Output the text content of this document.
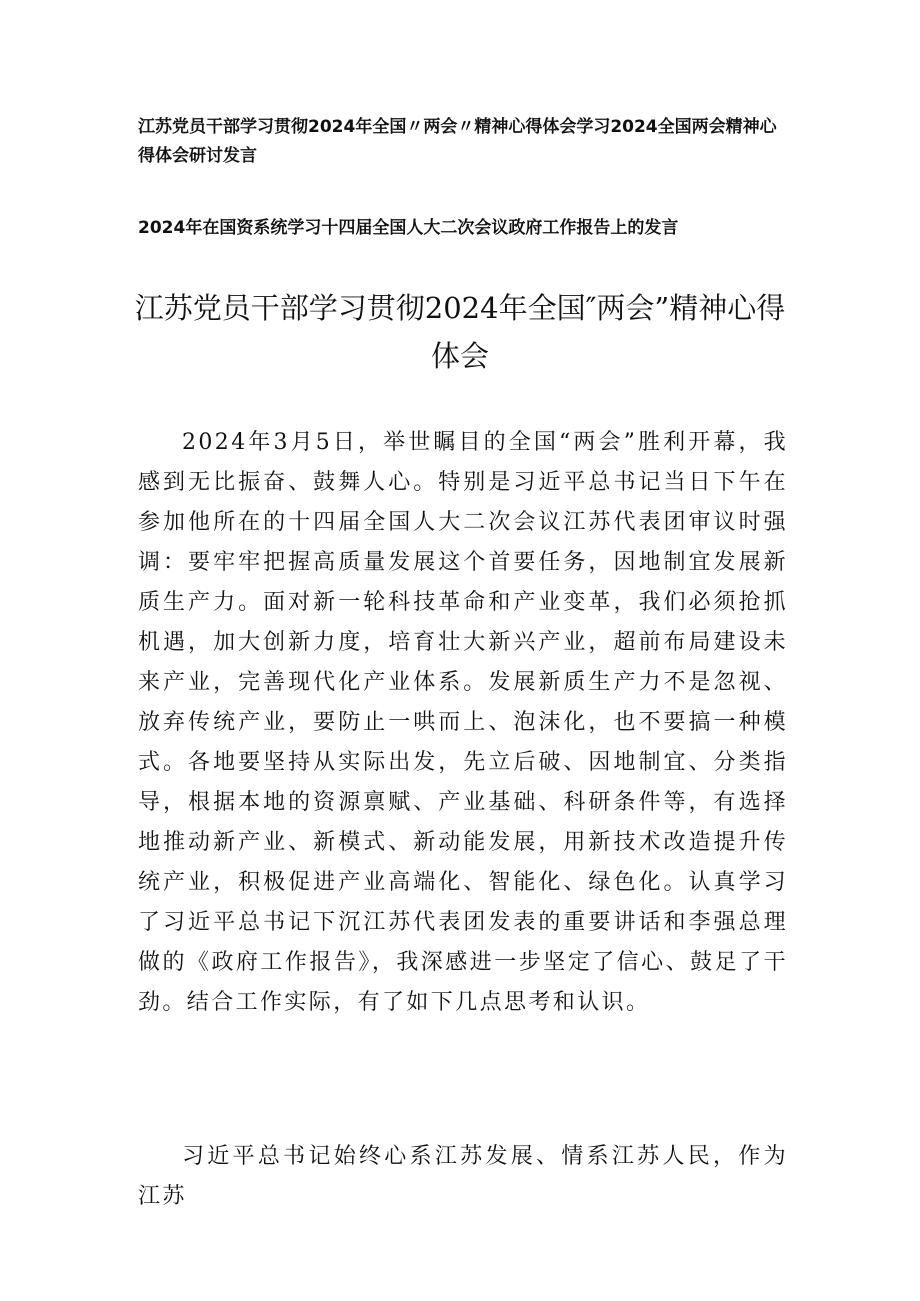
江苏党员干部学习贯彻2024年全国〃两会〃精神心得体会学习2024全国两会精神心得体会研讨发言
2024年在国资系统学习十四届全国人大二次会议政府工作报告上的发言
江苏党员干部学习贯彻2024年全国″两会”精神心得体会
2024年3月5日，举世瞩目的全国“两会”胜利开幕，我感到无比振奋、鼓舞人心。特别是习近平总书记当日下午在参加他所在的十四届全国人大二次会议江苏代表团审议时强调：要牢牢把握高质量发展这个首要任务，因地制宜发展新质生产力。面对新一轮科技革命和产业变革，我们必须抢抓机遇，加大创新力度，培育壮大新兴产业，超前布局建设未来产业，完善现代化产业体系。发展新质生产力不是忽视、放弃传统产业，要防止一哄而上、泡沫化，也不要搞一种模式。各地要坚持从实际出发，先立后破、因地制宜、分类指导，根据本地的资源禀赋、产业基础、科研条件等，有选择地推动新产业、新模式、新动能发展，用新技术改造提升传统产业，积极促进产业高端化、智能化、绿色化。认真学习了习近平总书记下沉江苏代表团发表的重要讲话和李强总理做的《政府工作报告》，我深感进一步坚定了信心、鼓足了干劲。结合工作实际，有了如下几点思考和认识。
习近平总书记始终心系江苏发展、情系江苏人民，作为江苏
